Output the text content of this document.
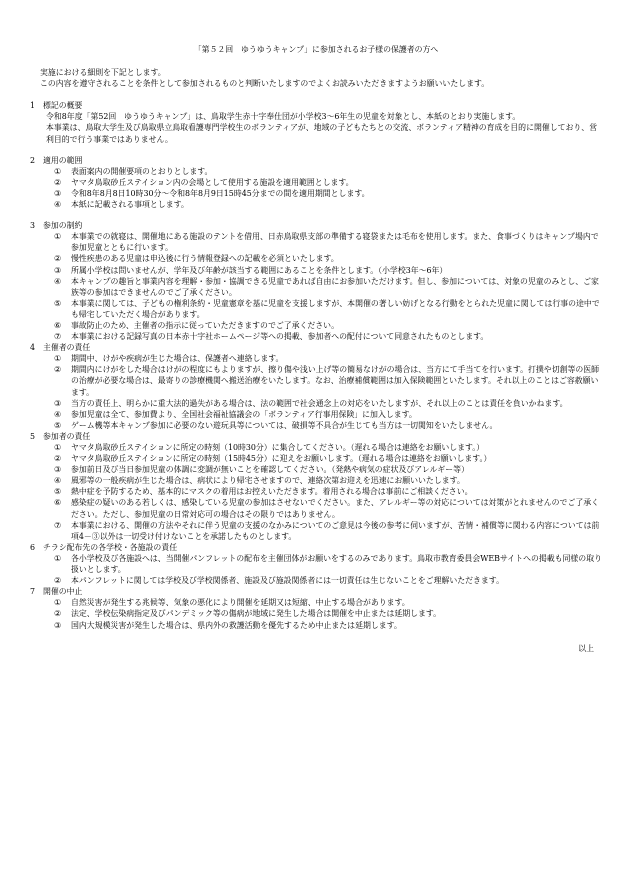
「第５２回　ゆうゆうキャンプ」に参加されるお子様の保護者の方へ
実施における細則を下記とします。
この内容を遵守されることを条件として参加されるものと判断いたしますのでよくお読みいただきますようお願いいたします。
1　 標記の概要
令和8年度「第52回　ゆうゆうキャンプ」は、鳥取学生赤十字奉仕団が小学校3～6年生の児童を対象とし、本紙のとおり実施します。
本事業は、鳥取大学生及び鳥取県立鳥取看護専門学校生のボランティアが、地域の子どもたちとの交流、ボランティア精神の育成を目的に開催しており、営利目的で行う事業ではありません。
2　 適用の範囲
①	表面案内の開催要項のとおりとします。
②	ヤマタ鳥取砂丘ステイション内の会場として使用する施設を適用範囲とします。
③	令和8年8月8日10時30分～令和8年8月9日15時45分までの間を適用期間とします。
④	本紙に記載される事項とします。
3　 参加の制約
①	本事業での就寝は、開催地にある施設のテントを借用、日赤鳥取県支部の準備する寝袋または毛布を使用します。また、食事づくりはキャンプ場内で参加児童とともに行います。
②	慢性疾患のある児童は申込後に行う情報登録への記載を必須といたします。
③	所属小学校は問いませんが、学年及び年齢が該当する範囲にあることを条件とします。（小学校3年～6年）
④	本キャンプの趣旨と事業内容を理解・参加・協調できる児童であれば自由にお参加いただけます。但し、参加については、対象の児童のみとし、ご家族等の参加はできませんのでご了承ください。
⑤	本事業に関しては、子どもの権利条約・児童憲章を基に児童を支援しますが、本開催の著しい妨げとなる行動をとられた児童に関しては行事の途中でも帰宅していただく場合があります。
⑥	事故防止のため、主催者の指示に従っていただきますのでご了承ください。
⑦	本事業における記録写真の日本赤十字社ホームページ等への掲載、参加者への配付について同意されたものとします。
4　 主催者の責任
①	期間中、けがや疾病が生じた場合は、保護者へ連絡します。
②	期間内にけがをした場合はけがの程度にもよりますが、擦り傷や浅い上げ等の簡易なけがの場合は、当方にて手当てを行います。打撲や切創等の医師の治療が必要な場合は、最寄りの診療機関へ搬送治療をいたします。なお、治療補償範囲は加入保険範囲といたします。それ以上のことはご容赦願います。
③	当方の責任上、明らかに重大法的過失がある場合は、法の範囲で社会通念上の対応をいたしますが、それ以上のことは責任を負いかねます。
④	参加児童は全て、参加費より、全国社会福祉協議会の「ボランティア行事用保険」に加入します。
⑤	ゲーム機等本キャンプ参加に必要のない遊玩具等については、破損等不具合が生じても当方は一切関知をいたしません。
5　 参加者の責任
①	ヤマタ鳥取砂丘ステイションに所定の時刻（10時30分）に集合してください。（遅れる場合は連絡をお願いします。）
②	ヤマタ鳥取砂丘ステイションに所定の時刻（15時45分）に迎えをお願いします。（遅れる場合は連絡をお願いします。）
③	参加前日及び当日参加児童の体調に変調が無いことを確認してください。（発熱や病気の症状及びアレルギー等）
④	風邪等の一般疾病が生じた場合は、病状により帰宅させますので、連絡次第お迎えを迅速にお願いいたします。
⑤	熱中症を予防するため、基本的にマスクの着用はお控えいただきます。着用される場合は事前にご相談ください。
⑥	感染症の疑いのある若しくは、感染している児童の参加はさせないでください。また、アレルギー等の対応については対策がとれませんのでご了承ください。ただし、参加児童の日常対応可の場合はその限りではありません。
⑦	本事業における、開催の方法やそれに伴う児童の支援のなかみについてのご意見は今後の参考に伺いますが、苦情・補償等に関わる内容については前項4－③以外は一切受け付けないことを承諾したものとします。
6　 チラシ配布先の各学校・各施設の責任
①	各小学校及び各施設へは、当開催パンフレットの配布を主催団体がお願いをするのみであります。鳥取市教育委員会WEBサイトへの掲載も同様の取り扱いとします。
②	本パンフレットに関しては学校及び学校関係者、施設及び施設関係者には一切責任は生じないことをご理解いただきます。
7　 開催の中止
①	自然災害が発生する兆候等、気象の悪化により開催を延期又は短縮、中止する場合があります。
②	法定、学校伝染病指定及びパンデミック等の傷病が地域に発生した場合は開催を中止または延期します。
③	国内大規模災害が発生した場合は、県内外の救護活動を優先するため中止または延期します。
以上
